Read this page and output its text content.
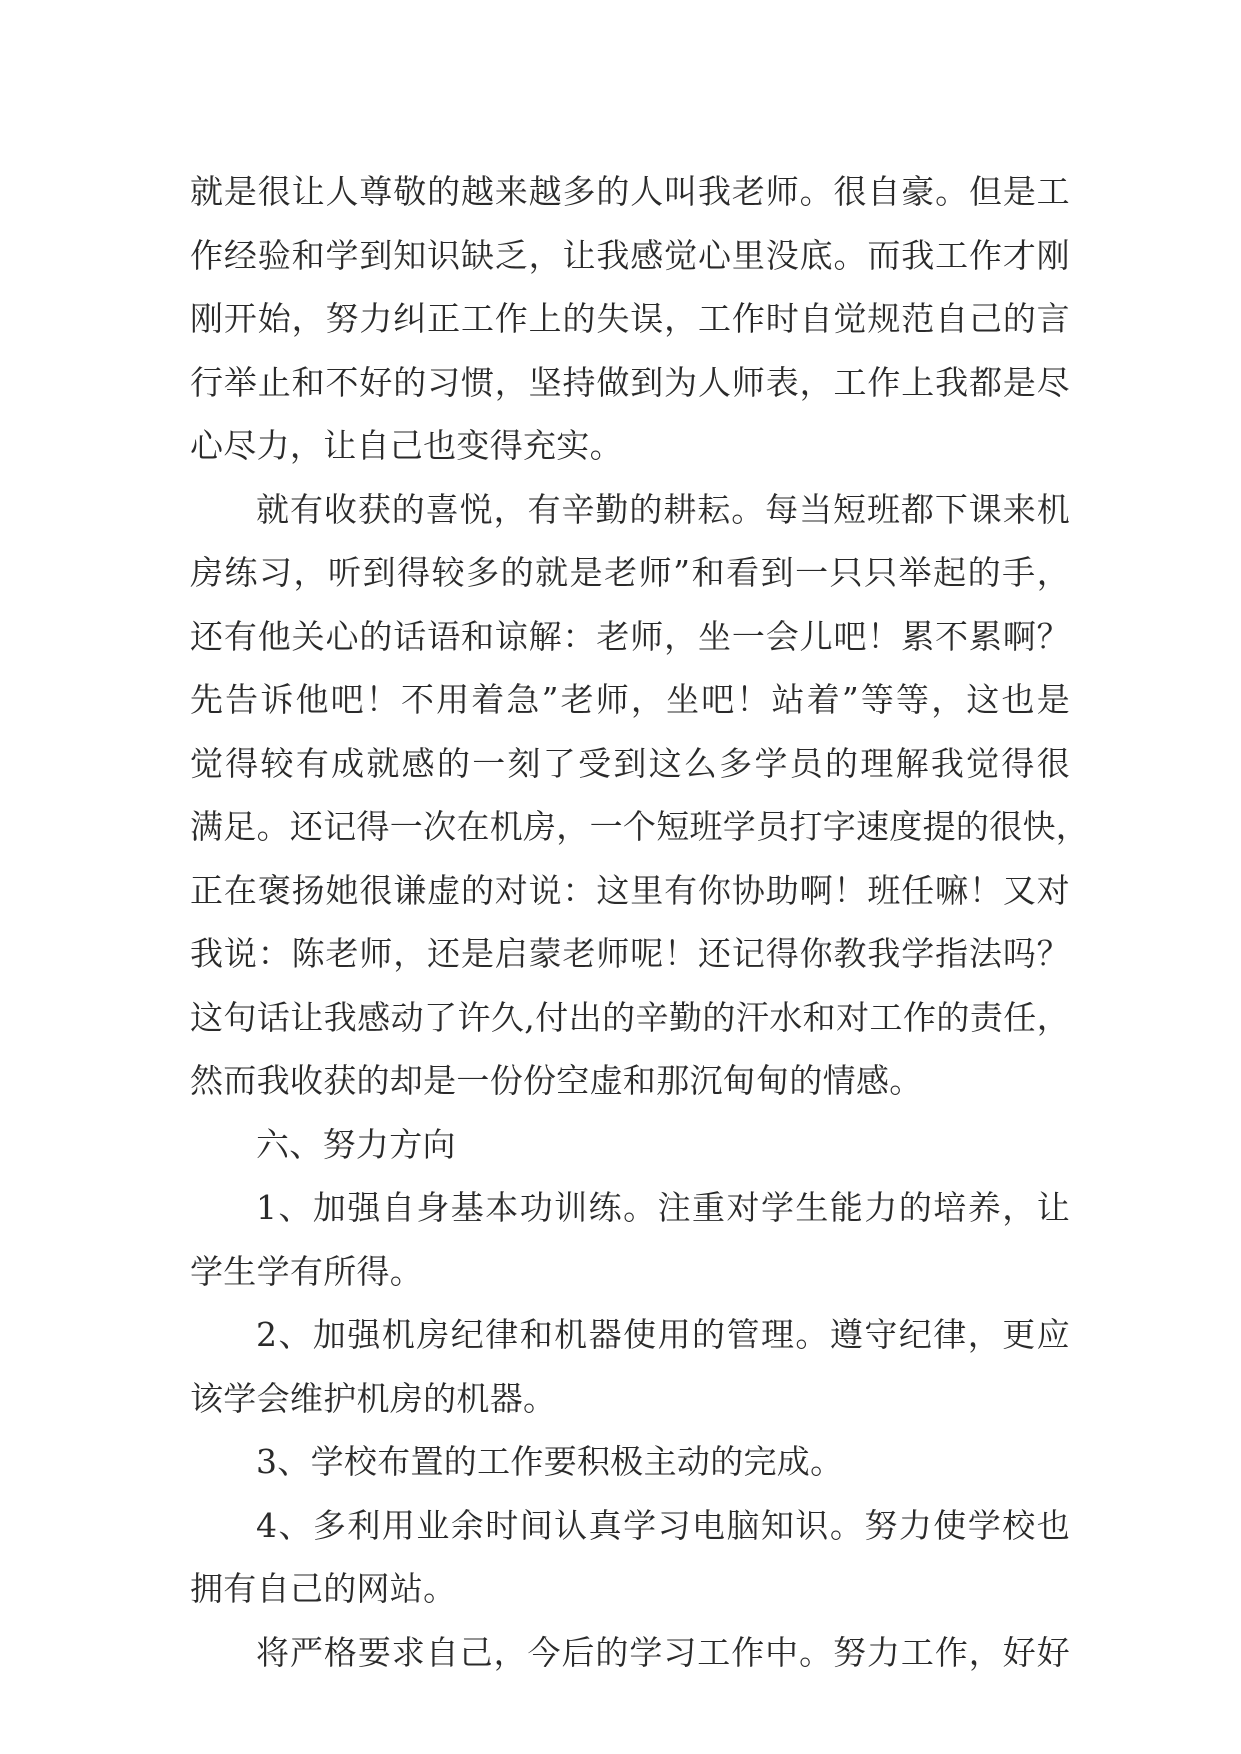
就是很让人尊敬的越来越多的人叫我老师。很自豪。但是工
作经验和学到知识缺乏，让我感觉心里没底。而我工作才刚
刚开始，努力纠正工作上的失误，工作时自觉规范自己的言
行举止和不好的习惯，坚持做到为人师表，工作上我都是尽
心尽力，让自己也变得充实。
就有收获的喜悦，有辛勤的耕耘。每当短班都下课来机
房练习，听到得较多的就是老师”和看到一只只举起的手，
还有他关心的话语和谅解：老师，坐一会儿吧！累不累啊？
先告诉他吧！不用着急”老师，坐吧！站着”等等，这也是
觉得较有成就感的一刻了受到这么多学员的理解我觉得很
满足。还记得一次在机房，一个短班学员打字速度提的很快，
正在褒扬她很谦虚的对说：这里有你协助啊！班任嘛！又对
我说：陈老师，还是启蒙老师呢！还记得你教我学指法吗？
这句话让我感动了许久,付出的辛勤的汗水和对工作的责任，
然而我收获的却是一份份空虚和那沉甸甸的情感。
六、努力方向
1、加强自身基本功训练。注重对学生能力的培养，让
学生学有所得。
2、加强机房纪律和机器使用的管理。遵守纪律，更应
该学会维护机房的机器。
3、学校布置的工作要积极主动的完成。
4、多利用业余时间认真学习电脑知识。努力使学校也
拥有自己的网站。
将严格要求自己，今后的学习工作中。努力工作，好好
